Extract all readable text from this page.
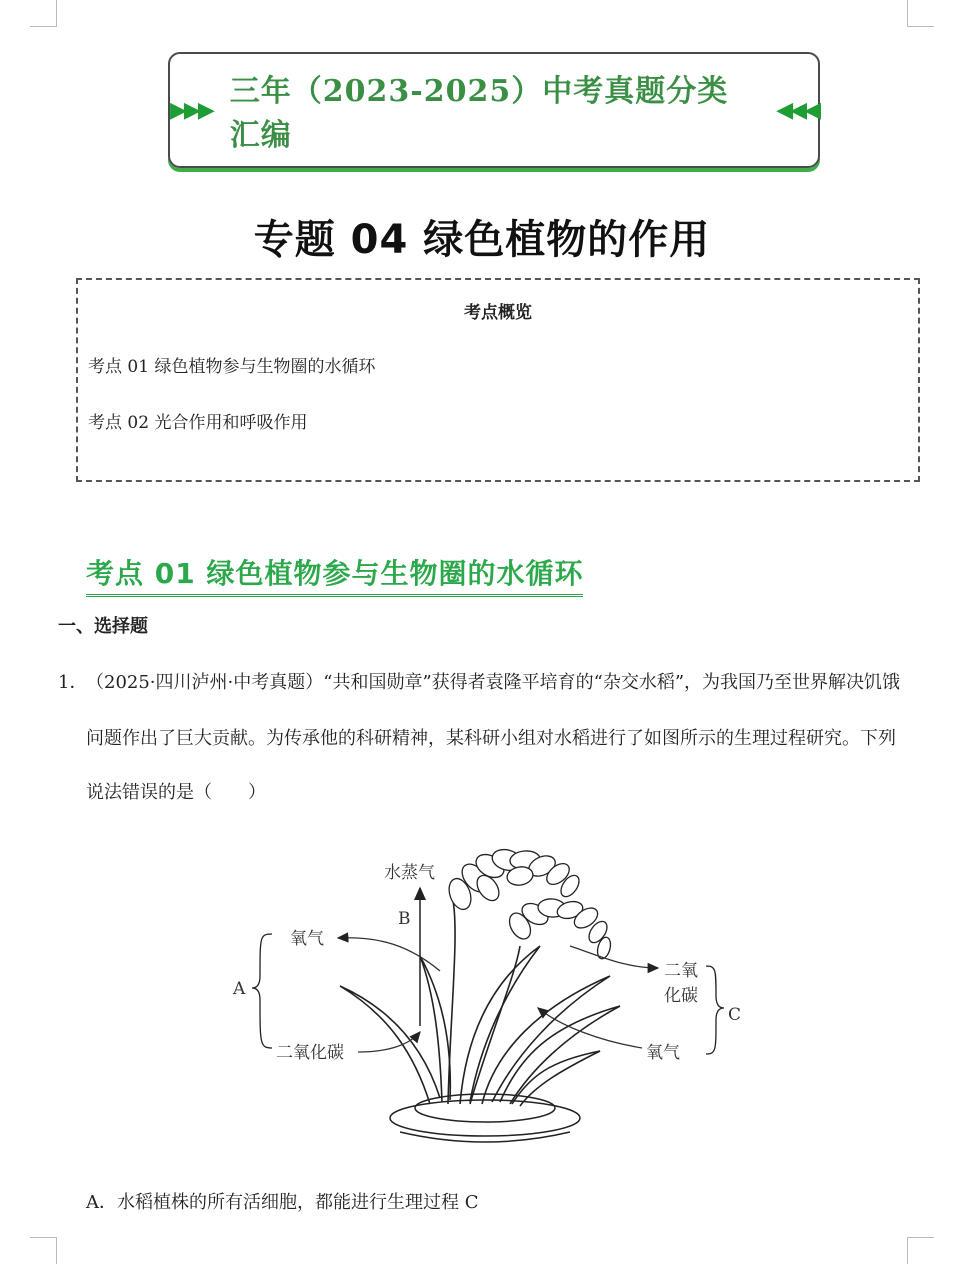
▶▶▶
三年（2023-2025）中考真题分类汇编
◀◀◀
专题 04 绿色植物的作用
考点概览
考点 01 绿色植物参与生物圈的水循环
考点 02 光合作用和呼吸作用
考点 01 绿色植物参与生物圈的水循环
一、选择题
1．
（2025·四川泸州·中考真题）“共和国勋章”获得者袁隆平培育的“杂交水稻”，为我国乃至世界解决饥饿
问题作出了巨大贡献。为传承他的科研精神，某科研小组对水稻进行了如图所示的生理过程研究。下列
说法错误的是（　　）
水蒸气
B
氧气
二氧化碳
A
二氧
化碳
氧气
C
A．水稻植株的所有活细胞，都能进行生理过程 C
